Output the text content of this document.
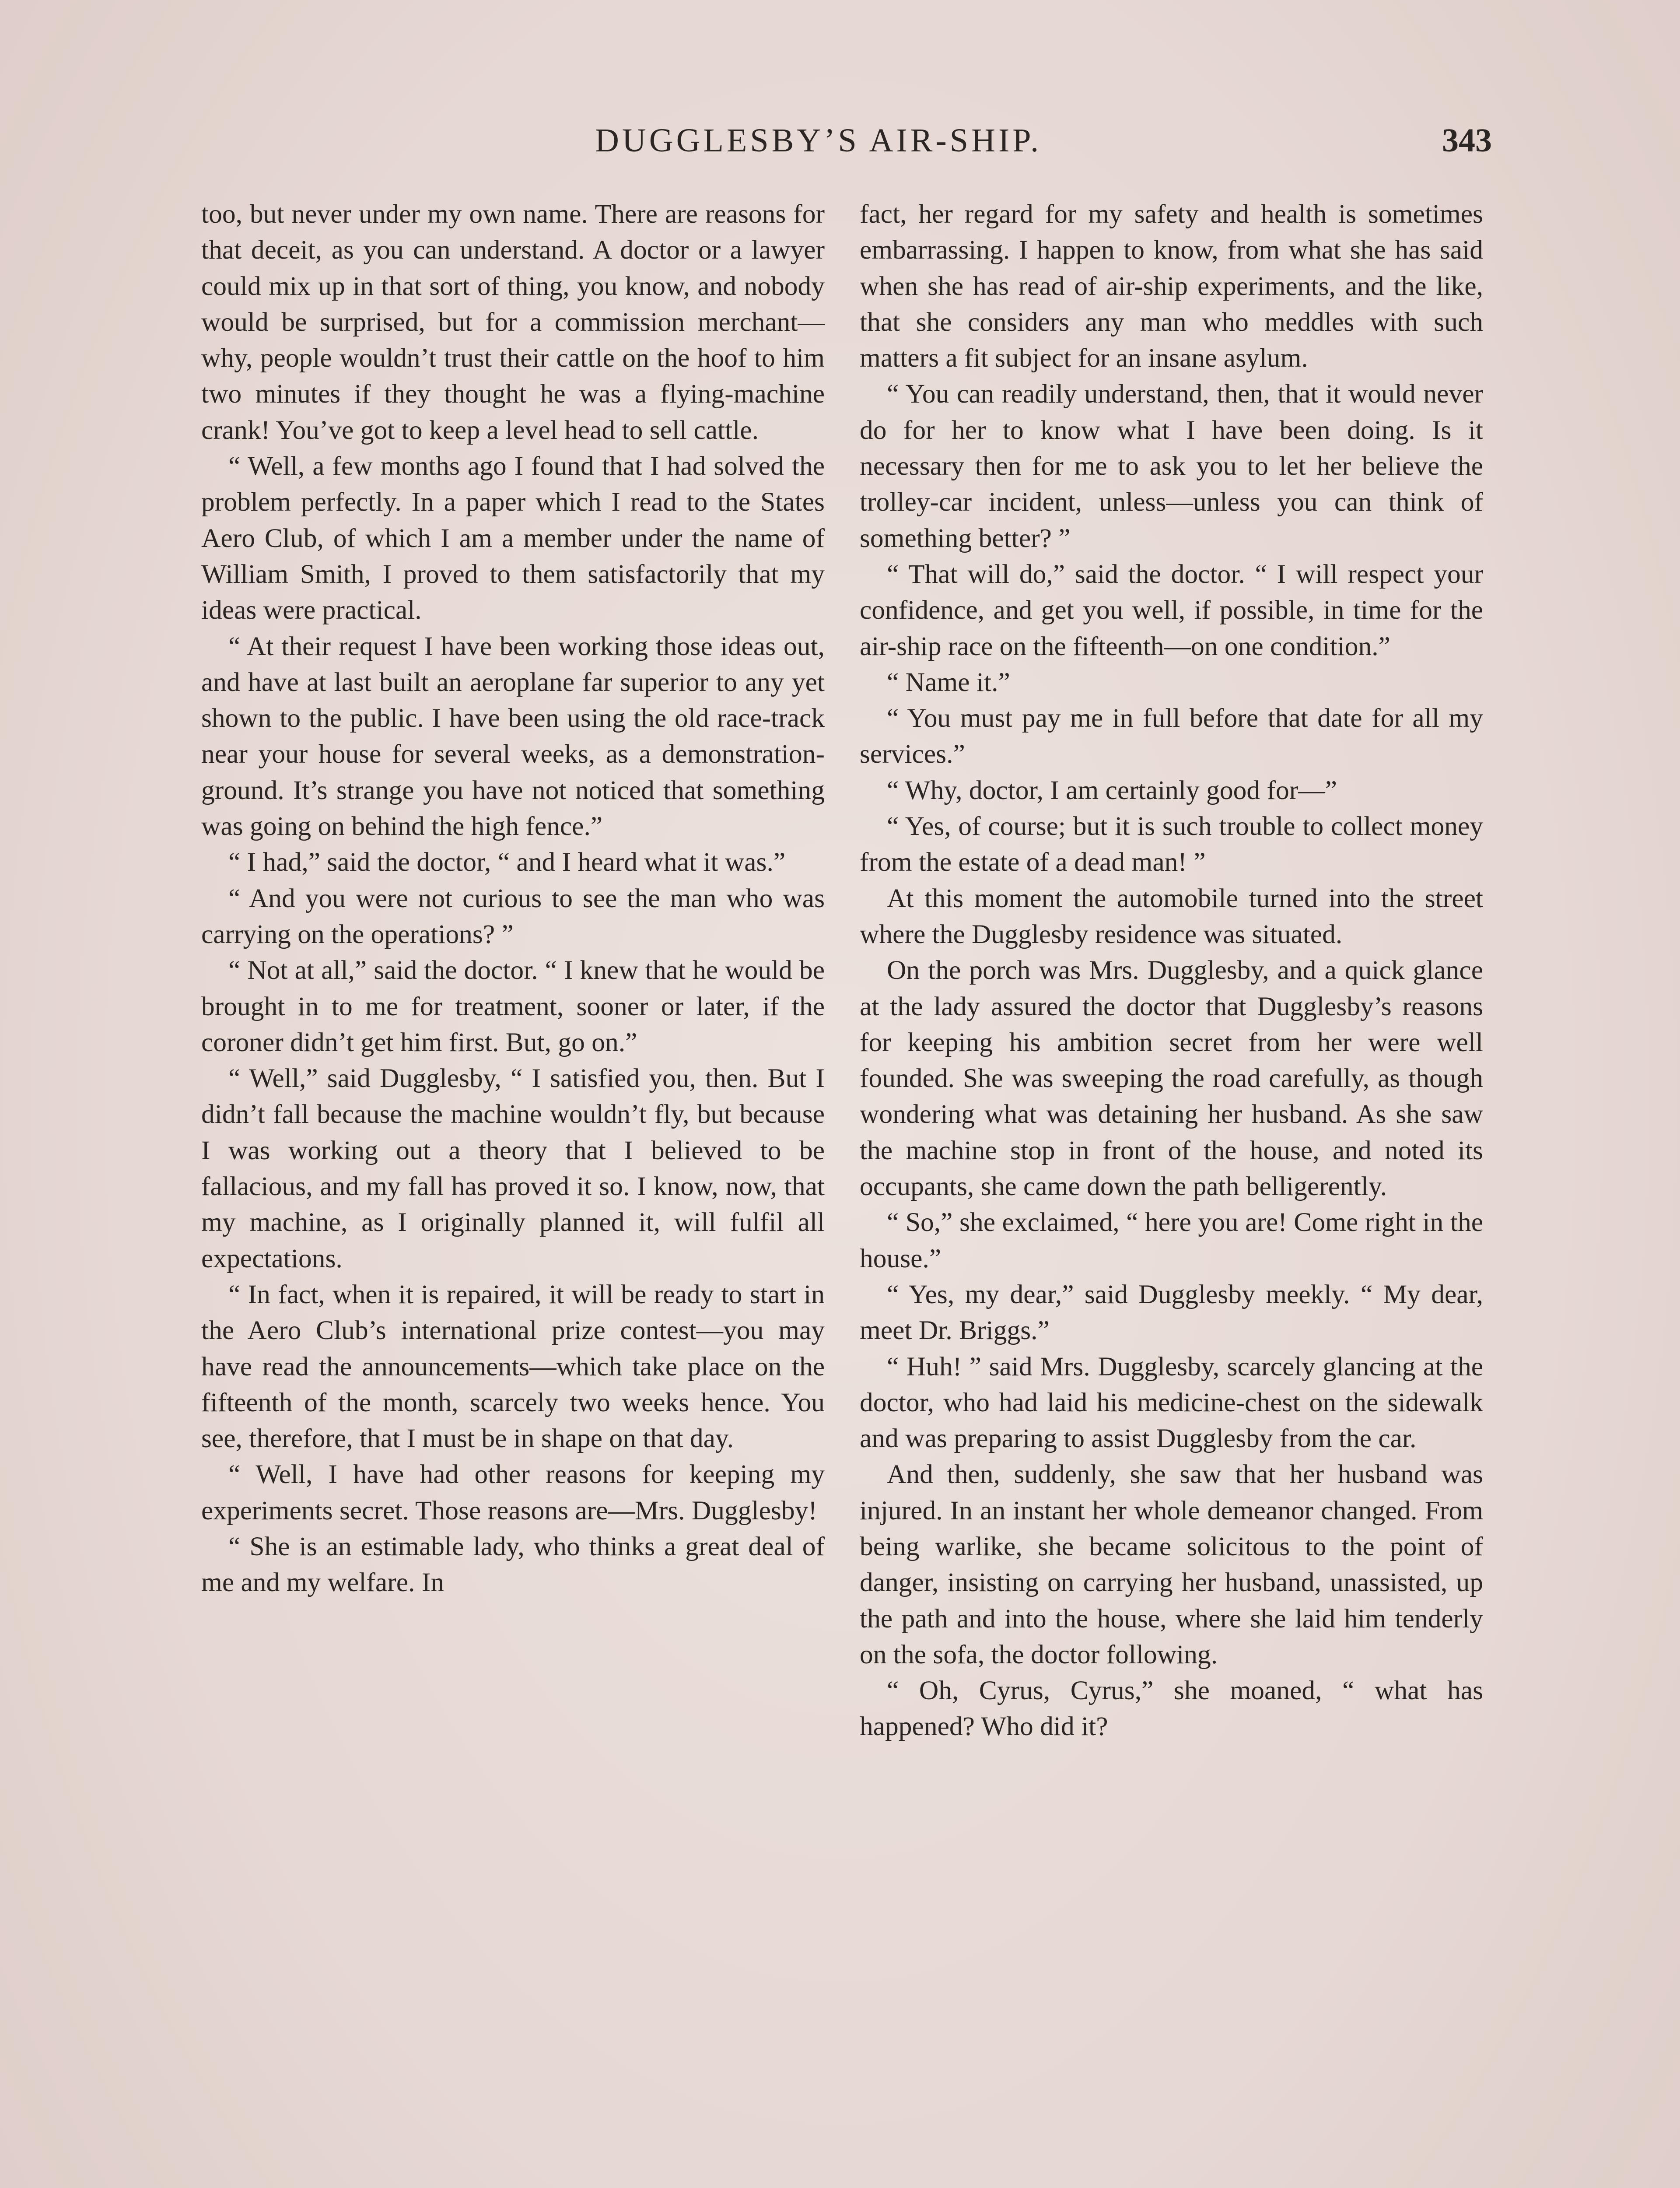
DUGGLESBY’S AIR-SHIP.	343

too, but never under my own name. There are reasons for that deceit, as you can understand. A doctor or a lawyer could mix up in that sort of thing, you know, and nobody would be surprised, but for a commission merchant—why, people wouldn’t trust their cattle on the hoof to him two minutes if they thought he was a flying-machine crank! You’ve got to keep a level head to sell cattle.

“ Well, a few months ago I found that I had solved the problem perfectly. In a paper which I read to the States Aero Club, of which I am a member under the name of William Smith, I proved to them satisfactorily that my ideas were practical.

“ At their request I have been working those ideas out, and have at last built an aeroplane far superior to any yet shown to the public. I have been using the old race-track near your house for several weeks, as a demonstration-ground. It’s strange you have not noticed that something was going on behind the high fence.”

“ I had,” said the doctor, “ and I heard what it was.”

“ And you were not curious to see the man who was carrying on the operations? ”

“ Not at all,” said the doctor. “ I knew that he would be brought in to me for treatment, sooner or later, if the coroner didn’t get him first. But, go on.”

“ Well,” said Dugglesby, “ I satisfied you, then. But I didn’t fall because the machine wouldn’t fly, but because I was working out a theory that I believed to be fallacious, and my fall has proved it so. I know, now, that my machine, as I originally planned it, will fulfil all expectations.

“ In fact, when it is repaired, it will be ready to start in the Aero Club’s international prize contest—you may have read the announcements—which take place on the fifteenth of the month, scarcely two weeks hence. You see, therefore, that I must be in shape on that day.

“ Well, I have had other reasons for keeping my experiments secret. Those reasons are—Mrs. Dugglesby!

“ She is an estimable lady, who thinks a great deal of me and my welfare. In

fact, her regard for my safety and health is sometimes embarrassing. I happen to know, from what she has said when she has read of air-ship experiments, and the like, that she considers any man who meddles with such matters a fit subject for an insane asylum.

“ You can readily understand, then, that it would never do for her to know what I have been doing. Is it necessary then for me to ask you to let her believe the trolley-car incident, unless—unless you can think of something better? ”

“ That will do,” said the doctor. “ I will respect your confidence, and get you well, if possible, in time for the air-ship race on the fifteenth—on one condition.”

“ Name it.”

“ You must pay me in full before that date for all my services.”

“ Why, doctor, I am certainly good for—”

“ Yes, of course; but it is such trouble to collect money from the estate of a dead man! ”

At this moment the automobile turned into the street where the Dugglesby residence was situated.

On the porch was Mrs. Dugglesby, and a quick glance at the lady assured the doctor that Dugglesby’s reasons for keeping his ambition secret from her were well founded. She was sweeping the road carefully, as though wondering what was detaining her husband. As she saw the machine stop in front of the house, and noted its occupants, she came down the path belligerently.

“ So,” she exclaimed, “ here you are! Come right in the house.”

“ Yes, my dear,” said Dugglesby meekly. “ My dear, meet Dr. Briggs.”

“ Huh! ” said Mrs. Dugglesby, scarcely glancing at the doctor, who had laid his medicine-chest on the sidewalk and was preparing to assist Dugglesby from the car.

And then, suddenly, she saw that her husband was injured. In an instant her whole demeanor changed. From being warlike, she became solicitous to the point of danger, insisting on carrying her husband, unassisted, up the path and into the house, where she laid him tenderly on the sofa, the doctor following.

“ Oh, Cyrus, Cyrus,” she moaned, “ what has happened? Who did it?
